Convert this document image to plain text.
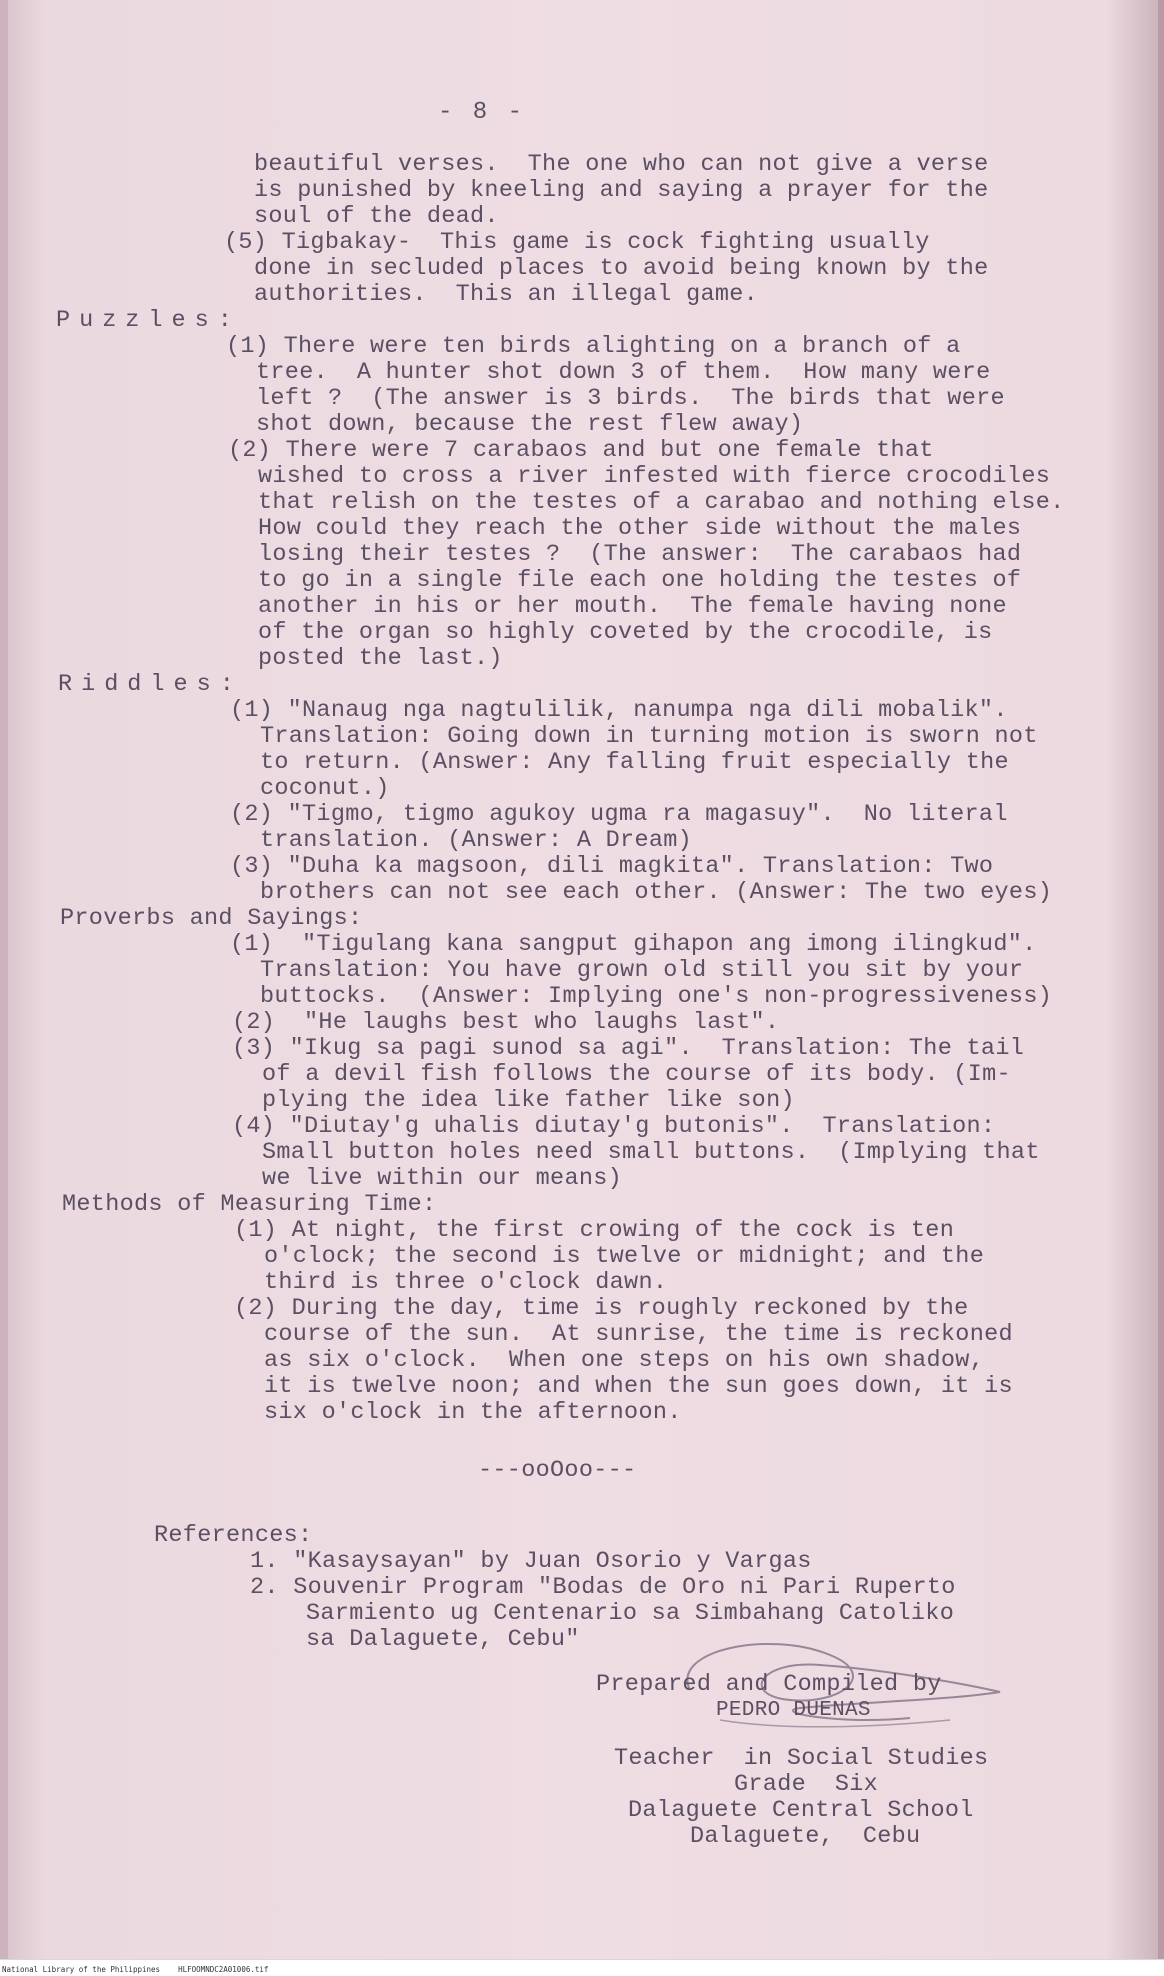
- 8 -
beautiful verses.  The one who can not give a verse
is punished by kneeling and saying a prayer for the
soul of the dead.
(5) Tigbakay-  This game is cock fighting usually
done in secluded places to avoid being known by the
authorities.  This an illegal game.
Puzzles:
(1) There were ten birds alighting on a branch of a
tree.  A hunter shot down 3 of them.  How many were
left ?  (The answer is 3 birds.  The birds that were
shot down, because the rest flew away)
(2) There were 7 carabaos and but one female that
wished to cross a river infested with fierce crocodiles
that relish on the testes of a carabao and nothing else.
How could they reach the other side without the males
losing their testes ?  (The answer:  The carabaos had
to go in a single file each one holding the testes of
another in his or her mouth.  The female having none
of the organ so highly coveted by the crocodile, is
posted the last.)
Riddles:
(1) "Nanaug nga nagtulilik, nanumpa nga dili mobalik".
Translation: Going down in turning motion is sworn not
to return. (Answer: Any falling fruit especially the
coconut.)
(2) "Tigmo, tigmo agukoy ugma ra magasuy".  No literal
translation. (Answer: A Dream)
(3) "Duha ka magsoon, dili magkita". Translation: Two
brothers can not see each other. (Answer: The two eyes)
Proverbs and Sayings:
(1)  "Tigulang kana sangput gihapon ang imong ilingkud".
Translation: You have grown old still you sit by your
buttocks.  (Answer: Implying one's non-progressiveness)
(2)  "He laughs best who laughs last".
(3) "Ikug sa pagi sunod sa agi".  Translation: The tail
of a devil fish follows the course of its body. (Im-
plying the idea like father like son)
(4) "Diutay'g uhalis diutay'g butonis".  Translation:
Small button holes need small buttons.  (Implying that
we live within our means)
Methods of Measuring Time:
(1) At night, the first crowing of the cock is ten
o'clock; the second is twelve or midnight; and the
third is three o'clock dawn.
(2) During the day, time is roughly reckoned by the
course of the sun.  At sunrise, the time is reckoned
as six o'clock.  When one steps on his own shadow,
it is twelve noon; and when the sun goes down, it is
six o'clock in the afternoon.
---ooOoo---
References:
1. "Kasaysayan" by Juan Osorio y Vargas
2. Souvenir Program "Bodas de Oro ni Pari Ruperto
Sarmiento ug Centenario sa Simbahang Catoliko
sa Dalaguete, Cebu"
Prepared and Compiled by
PEDRO DUENAS
Teacher  in Social Studies
Grade  Six
Dalaguete Central School
Dalaguete,  Cebu
National Library of the Philippines    HLFOOMNDC2A01006.tif
